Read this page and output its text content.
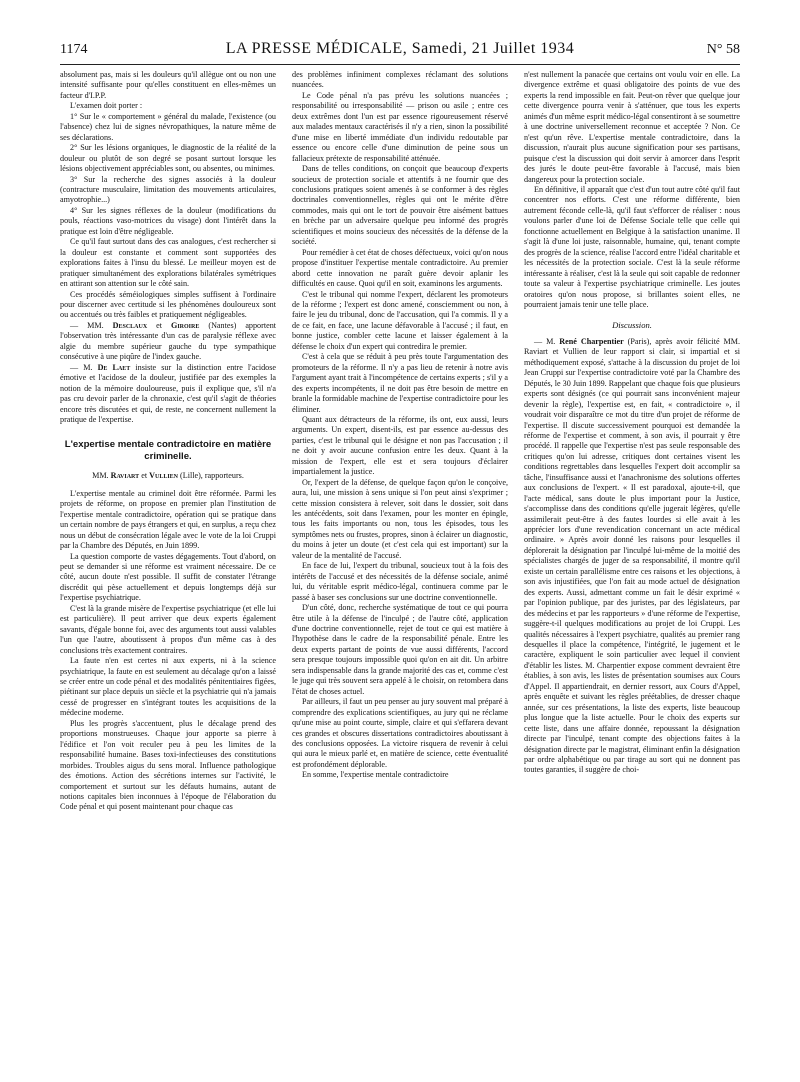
1174	LA PRESSE MÉDICALE, Samedi, 21 Juillet 1934	N° 58

absolument pas, mais si les douleurs qu'il allègue ont ou non une intensité suffisante pour qu'elles constituent en elles-mêmes un facteur d'I.P.P.

L'examen doit porter :

1° Sur le « comportement » général du malade, l'existence (ou l'absence) chez lui de signes névropathiques, la nature même de ses déclarations.

2° Sur les lésions organiques, le diagnostic de la réalité de la douleur ou plutôt de son degré se posant surtout lorsque les lésions objectivement appréciables sont, ou absentes, ou minimes.

3° Sur la recherche des signes associés à la douleur (contracture musculaire, limitation des mouvements articulaires, amyotrophie...)

4° Sur les signes réflexes de la douleur (modifications du pouls, réactions vaso-motrices du visage) dont l'intérêt dans la pratique est loin d'être négligeable.

Ce qu'il faut surtout dans des cas analogues, c'est rechercher si la douleur est constante et comment sont supportées des explorations faites à l'insu du blessé. Le meilleur moyen est de pratiquer simultanément des explorations bilatérales symétriques en attirant son attention sur le côté sain.

Ces procédés séméiologiques simples suffisent à l'ordinaire pour discerner avec certitude si les phénomènes douloureux sont ou accentués ou très faibles et pratiquement négligeables.

— MM. Desclaux et Giroire (Nantes) apportent l'observation très intéressante d'un cas de paralysie réflexe avec algie du membre supérieur gauche du type sympathique consécutive à une piqûre de l'index gauche.

— M. De Laet insiste sur la distinction entre l'acidose émotive et l'acidose de la douleur, justifiée par des exemples la notion de la mémoire douloureuse, puis il explique que, s'il n'a pas cru devoir parler de la chronaxie, c'est qu'il s'agit de théories encore très discutées et qui, de reste, ne concernent nullement la pratique de l'expertise.

L'expertise mentale contradictoire en matière criminelle.
MM. Raviart et Vullien (Lille), rapporteurs.

L'expertise mentale au criminel doit être réformée. Parmi les projets de réforme, on propose en premier plan l'institution de l'expertise mentale contradictoire, opération qui se pratique dans un certain nombre de pays étrangers et qui, en surplus, a reçu chez nous un début de consécration légale avec le vote de la loi Cruppi par la Chambre des Députés, en Juin 1899.

La question comporte de vastes dégagements. Tout d'abord, on peut se demander si une réforme est vraiment nécessaire. De ce côté, aucun doute n'est possible. Il suffit de constater l'étrange discrédit qui pèse actuellement et depuis longtemps déjà sur l'expertise psychiatrique.

C'est là la grande misère de l'expertise psychiatrique (et elle lui est particulière). Il peut arriver que deux experts également savants, d'égale bonne foi, avec des arguments tout aussi valables l'un que l'autre, aboutissent à propos d'un même cas à des conclusions très exactement contraires.

La faute n'en est certes ni aux experts, ni à la science psychiatrique, la faute en est seulement au décalage qu'on a laissé se créer entre un code pénal et des modalités pénitentiaires figées, piétinant sur place depuis un siècle et la psychiatrie qui n'a jamais cessé de progresser en s'intégrant toutes les acquisitions de la médecine moderne.

Plus les progrès s'accentuent, plus le décalage prend des proportions monstrueuses. Chaque jour apporte sa pierre à l'édifice et l'on voit reculer peu à peu les limites de la responsabilité humaine. Bases toxi-infectieuses des constitutions morbides. Troubles aigus du sens moral. Influence pathologique des émotions. Action des sécrétions internes sur l'activité, le comportement et surtout sur les défauts humains, autant de notions capitales bien inconnues à l'époque de l'élaboration du Code pénal et qui posent maintenant pour chaque cas

des problèmes infiniment complexes réclamant des solutions nuancées.

Le Code pénal n'a pas prévu les solutions nuancées ; responsabilité ou irresponsabilité — prison ou asile ; entre ces deux extrêmes dont l'un est par essence rigoureusement réservé aux malades mentaux caractérisés il n'y a rien, sinon la possibilité d'une mise en liberté immédiate d'un individu redoutable par essence ou encore celle d'une diminution de peine sous un fallacieux prétexte de responsabilité atténuée.

Dans de telles conditions, on conçoit que beaucoup d'experts soucieux de protection sociale et attentifs à ne fournir que des conclusions pratiques soient amenés à se conformer à des règles doctrinales conventionnelles, règles qui ont le mérite d'être commodes, mais qui ont le tort de pouvoir être aisément battues en brèche par un adversaire quelque peu informé des progrès scientifiques et moins soucieux des nécessités de la défense de la société.

Pour remédier à cet état de choses défectueux, voici qu'on nous propose d'instituer l'expertise mentale contradictoire. Au premier abord cette innovation ne paraît guère devoir aplanir les difficultés en cause. Quoi qu'il en soit, examinons les arguments.

C'est le tribunal qui nomme l'expert, déclarent les promoteurs de la réforme ; l'expert est donc amené, consciemment ou non, à faire le jeu du tribunal, donc de l'accusation, qui l'a commis. Il y a de ce fait, en face, une lacune défavorable à l'accusé ; il faut, en bonne justice, combler cette lacune et laisser également à la défense le choix d'un expert qui contredira le premier.

C'est à cela que se réduit à peu près toute l'argumentation des promoteurs de la réforme. Il n'y a pas lieu de retenir à notre avis l'argument ayant trait à l'incompétence de certains experts ; s'il y a des experts incompétents, il ne doit pas être besoin de mettre en branle la formidable machine de l'expertise contradictoire pour les éliminer.

Quant aux détracteurs de la réforme, ils ont, eux aussi, leurs arguments. Un expert, disent-ils, est par essence au-dessus des parties, c'est le tribunal qui le désigne et non pas l'accusation ; il ne doit y avoir aucune confusion entre les deux. Quant à la mission de l'expert, elle est et sera toujours d'éclairer impartialement la justice.

Or, l'expert de la défense, de quelque façon qu'on le conçoive, aura, lui, une mission à sens unique si l'on peut ainsi s'exprimer ; cette mission consistera à relever, soit dans le dossier, soit dans les antécédents, soit dans l'examen, pour les monter en épingle, tous les faits importants ou non, tous les épisodes, tous les symptômes nets ou frustes, propres, sinon à éclairer un diagnostic, du moins à jeter un doute (et c'est cela qui est important) sur la valeur de la mentalité de l'accusé.

En face de lui, l'expert du tribunal, soucieux tout à la fois des intérêts de l'accusé et des nécessités de la défense sociale, animé lui, du véritable esprit médico-légal, continuera comme par le passé à baser ses conclusions sur une doctrine conventionnelle.

D'un côté, donc, recherche systématique de tout ce qui pourra être utile à la défense de l'inculpé ; de l'autre côté, application d'une doctrine conventionnelle, rejet de tout ce qui est matière à l'hypothèse dans le cadre de la responsabilité pénale. Entre les deux experts partant de points de vue aussi différents, l'accord sera presque toujours impossible quoi qu'on en ait dit. Un arbitre sera indispensable dans la grande majorité des cas et, comme c'est le juge qui très souvent sera appelé à le choisir, on retombera dans l'état de choses actuel.

Par ailleurs, il faut un peu penser au jury souvent mal préparé à comprendre des explications scientifiques, au jury qui ne réclame qu'une mise au point courte, simple, claire et qui s'effarera devant ces grandes et obscures dissertations contradictoires aboutissant à des conclusions opposées. La victoire risquera de revenir à celui qui aura le mieux parlé et, en matière de science, cette éventualité est profondément déplorable.

En somme, l'expertise mentale contradictoire

n'est nullement la panacée que certains ont voulu voir en elle. La divergence extrême et quasi obligatoire des points de vue des experts la rend impossible en fait. Peut-on rêver que quelque jour cette divergence pourra venir à s'atténuer, que tous les experts animés d'un même esprit médico-légal consentiront à se soumettre à une doctrine universellement reconnue et acceptée ? Non. Ce n'est qu'un rêve. L'expertise mentale contradictoire, dans la discussion, n'aurait plus aucune signification pour ses partisans, puisque c'est la discussion qui doit servir à amorcer dans l'esprit des jurés le doute peut-être favorable à l'accusé, mais bien dangereux pour la protection sociale.

En définitive, il apparaît que c'est d'un tout autre côté qu'il faut concentrer nos efforts. C'est une réforme différente, bien autrement féconde celle-là, qu'il faut s'efforcer de réaliser : nous voulons parler d'une loi de Défense Sociale telle que celle qui fonctionne actuellement en Belgique à la satisfaction unanime. Il s'agit là d'une loi juste, raisonnable, humaine, qui, tenant compte des progrès de la science, réalise l'accord entre l'idéal charitable et les nécessités de la protection sociale. C'est là la seule réforme intéressante à réaliser, c'est là la seule qui soit capable de redonner toute sa valeur à l'expertise psychiatrique criminelle. Les joutes oratoires qu'on nous propose, si brillantes soient elles, ne pourraient jamais tenir une telle place.

Discussion.

— M. René Charpentier (Paris), après avoir félicité MM. Raviart et Vullien de leur rapport si clair, si impartial et si méthodiquement exposé, s'attache à la discussion du projet de loi Jean Cruppi sur l'expertise contradictoire voté par la Chambre des Députés, le 30 Juin 1899. Rappelant que chaque fois que plusieurs experts sont désignés (ce qui pourrait sans inconvénient majeur devenir la règle), l'expertise est, en fait, « contradictoire », il voudrait voir disparaître ce mot du titre d'un projet de réforme de l'expertise. Il discute successivement pourquoi est demandée la réforme de l'expertise et comment, à son avis, il pourrait y être procédé. Il rappelle que l'expertise n'est pas seule responsable des critiques qu'on lui adresse, critiques dont certaines visent les conditions regrettables dans lesquelles l'expert doit accomplir sa tâche, l'insuffisance aussi et l'anachronisme des solutions offertes aux conclusions de l'expert. « Il est paradoxal, ajoute-t-il, que l'acte médical, sans doute le plus important pour la Justice, s'accomplisse dans des conditions qu'elle jugerait légères, qu'elle assimilerait peut-être à des fautes lourdes si elle avait à les apprécier lors d'une revendication concernant un acte médical ordinaire. » Après avoir donné les raisons pour lesquelles il déplorerait la désignation par l'inculpé lui-même de la moitié des spécialistes chargés de juger de sa responsabilité, il montre qu'il existe un certain parallélisme entre ces raisons et les objections, à son avis injustifiées, que l'on fait au mode actuel de désignation des experts. Aussi, admettant comme un fait le désir exprimé « par l'opinion publique, par des juristes, par des législateurs, par des médecins et par les rapporteurs » d'une réforme de l'expertise, suggère-t-il quelques modifications au projet de loi Cruppi. Les qualités nécessaires à l'expert psychiatre, qualités au premier rang desquelles il place la compétence, l'intégrité, le jugement et le caractère, expliquent le soin particulier avec lequel il convient d'établir les listes. M. Charpentier expose comment devraient être établies, à son avis, les listes de présentation soumises aux Cours d'Appel. Il appartiendrait, en dernier ressort, aux Cours d'Appel, après enquête et suivant les règles préétablies, de dresser chaque année, sur ces présentations, la liste des experts, liste beaucoup plus longue que la liste actuelle. Pour le choix des experts sur cette liste, dans une affaire donnée, repoussant la désignation directe par l'inculpé, tenant compte des objections faites à la désignation directe par le magistrat, éliminant enfin la désignation par ordre alphabétique ou par tirage au sort qui ne donnent pas toutes garanties, il suggère de choi-
